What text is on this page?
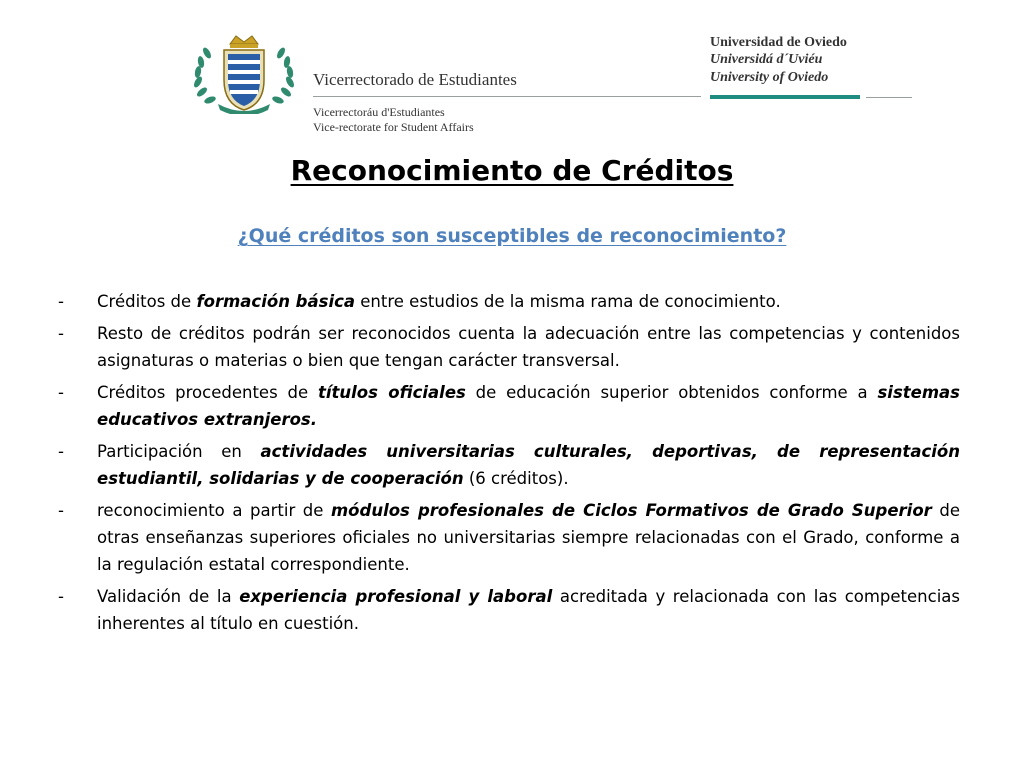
Vicerrectorado de Estudiantes
Vicerrectoráu d'Estudiantes
Vice-rectorate for Student Affairs
Universidad de Oviedo
Universidá d´Uviéu
University of Oviedo
Reconocimiento de Créditos
¿Qué créditos son susceptibles de reconocimiento?
- Créditos de formación básica entre estudios de la misma rama de conocimiento.
- Resto de créditos podrán ser reconocidos cuenta la adecuación entre las competencias y contenidos asignaturas o materias o bien que tengan carácter transversal.
- Créditos procedentes de títulos oficiales de educación superior obtenidos conforme a sistemas educativos extranjeros.
- Participación en actividades universitarias culturales, deportivas, de representación estudiantil, solidarias y de cooperación (6 créditos).
- reconocimiento a partir de módulos profesionales de Ciclos Formativos de Grado Superior de otras enseñanzas superiores oficiales no universitarias siempre relacionadas con el Grado, conforme a la regulación estatal correspondiente.
- Validación de la experiencia profesional y laboral acreditada y relacionada con las competencias inherentes al título en cuestión.
